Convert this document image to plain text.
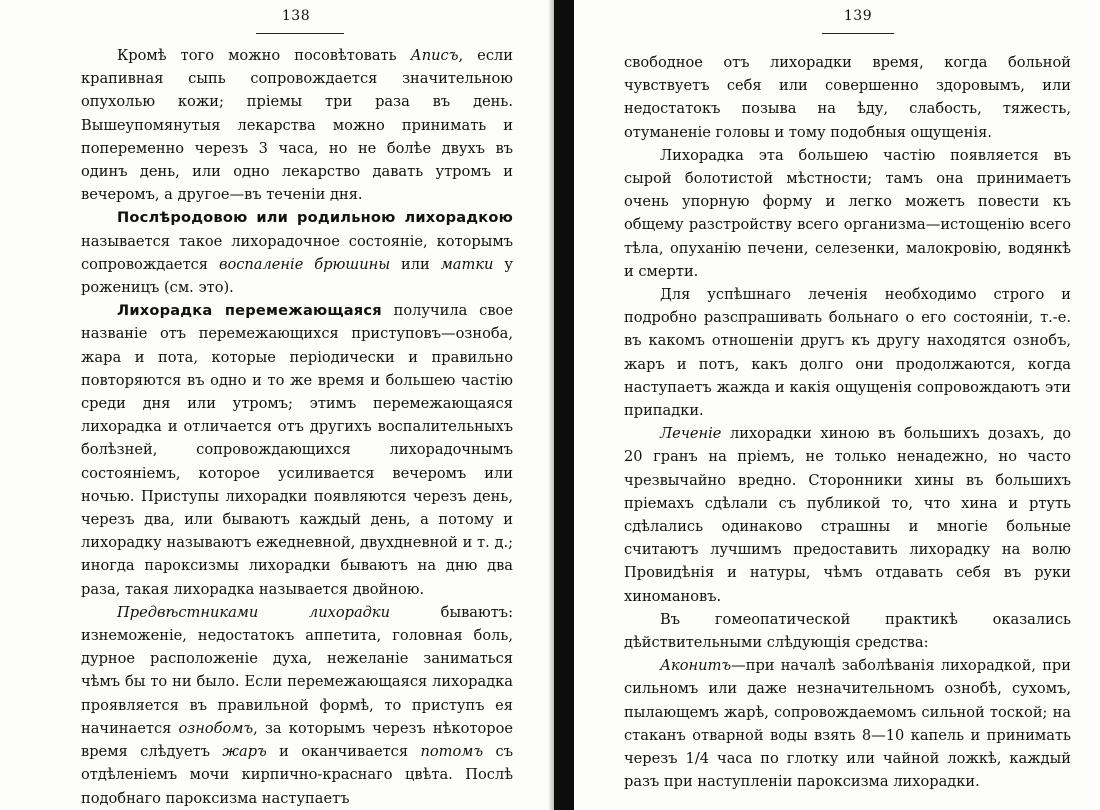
138

Кромѣ того можно посовѣтовать Аписъ, если крапивная сыпь сопровождается значительною опухолью кожи; пріемы три раза въ день. Вышеупомянутыя лекарства можно принимать и попеременно черезъ 3 часа, но не болѣе двухъ въ одинъ день, или одно лекарство давать утромъ и вечеромъ, а другое—въ теченіи дня.

Послѣродовою или родильною лихорадкою называется такое лихорадочное состояніе, которымъ сопровождается воспаленіе брюшины или матки у роженицъ (см. это).

Лихорадка перемежающаяся получила свое названіе отъ перемежающихся приступовъ—озноба, жара и пота, которые періодически и правильно повторяются въ одно и то же время и большею частію среди дня или утромъ; этимъ перемежающаяся лихорадка и отличается отъ другихъ воспалительныхъ болѣзней, сопровождающихся лихорадочнымъ состояніемъ, которое усиливается вечеромъ или ночью. Приступы лихорадки появляются черезъ день, черезъ два, или бываютъ каждый день, а потому и лихорадку называютъ ежедневной, двухдневной и т. д.; иногда пароксизмы лихорадки бываютъ на дню два раза, такая лихорадка называется двойною.

Предвѣстниками лихорадки бываютъ: изнеможеніе, недостатокъ аппетита, головная боль, дурное расположеніе духа, нежеланіе заниматься чѣмъ бы то ни было. Если перемежающаяся лихорадка проявляется въ правильной формѣ, то приступъ ея начинается ознобомъ, за которымъ черезъ нѣкоторое время слѣдуетъ жаръ и оканчивается потомъ съ отдѣленіемъ мочи кирпично-краснаго цвѣта. Послѣ подобнаго пароксизма наступаетъ

139

свободное отъ лихорадки время, когда больной чувствуетъ себя или совершенно здоровымъ, или недостатокъ позыва на ѣду, слабость, тяжесть, отуманеніе головы и тому подобныя ощущенія.

Лихорадка эта большею частію появляется въ сырой болотистой мѣстности; тамъ она принимаетъ очень упорную форму и легко можетъ повести къ общему разстройству всего организма—истощенію всего тѣла, опуханію печени, селезенки, малокровію, водянкѣ и смерти.

Для успѣшнаго леченія необходимо строго и подробно разспрашивать больнаго о его состояніи, т.-е. въ какомъ отношеніи другъ къ другу находятся ознобъ, жаръ и потъ, какъ долго они продолжаются, когда наступаетъ жажда и какія ощущенія сопровождаютъ эти припадки.

Леченіе лихорадки хиною въ большихъ дозахъ, до 20 гранъ на пріемъ, не только ненадежно, но часто чрезвычайно вредно. Сторонники хины въ большихъ пріемахъ сдѣлали съ публикой то, что хина и ртуть сдѣлались одинаково страшны и многіе больные считаютъ лучшимъ предоставить лихорадку на волю Провидѣнія и натуры, чѣмъ отдавать себя въ руки хиномановъ.

Въ гомеопатической практикѣ оказались дѣйствительными слѣдующія средства:

Аконитъ—при началѣ заболѣванія лихорадкой, при сильномъ или даже незначительномъ ознобѣ, сухомъ, пылающемъ жарѣ, сопровождаемомъ сильной тоской; на стаканъ отварной воды взять 8—10 капель и принимать черезъ 1/4 часа по глотку или чайной ложкѣ, каждый разъ при наступленіи пароксизма лихорадки.
